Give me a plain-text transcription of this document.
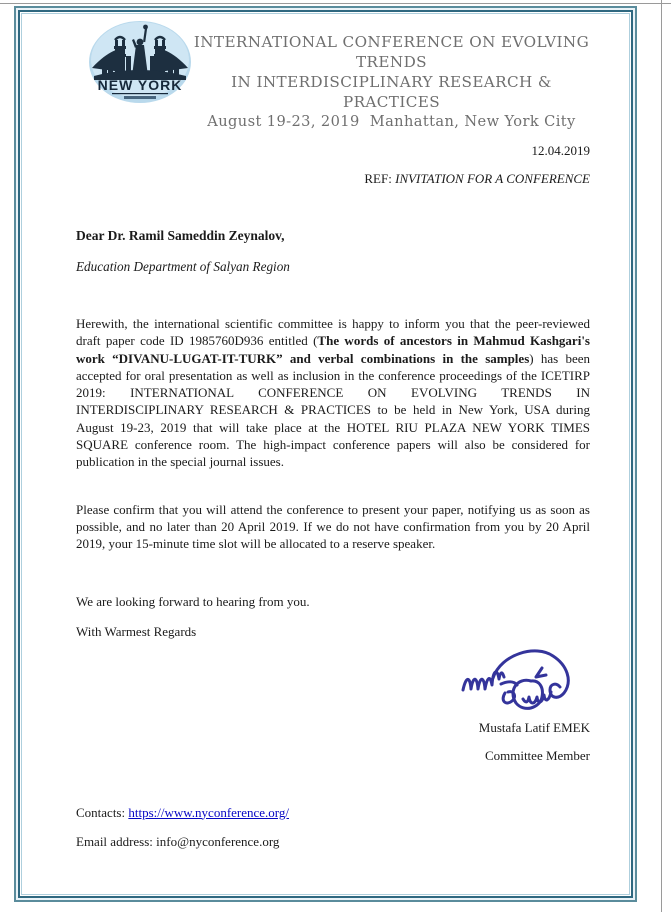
NEW YORK
INTERNATIONAL CONFERENCE ON EVOLVING TRENDS
IN INTERDISCIPLINARY RESEARCH & PRACTICES
August 19-23, 2019  Manhattan, New York City
12.04.2019
REF: INVITATION FOR A CONFERENCE
Dear Dr. Ramil Sameddin Zeynalov,
Education Department of Salyan Region
Herewith, the international scientific committee is happy to inform you that the peer-reviewed draft paper code ID 1985760D936 entitled (The words of ancestors in Mahmud Kashgari's work “DIVANU-LUGAT-IT-TURK” and verbal combinations in the samples) has been accepted for oral presentation as well as inclusion in the conference proceedings of the ICETIRP 2019: INTERNATIONAL CONFERENCE ON EVOLVING TRENDS IN INTERDISCIPLINARY RESEARCH & PRACTICES to be held in New York, USA during August 19-23, 2019 that will take place at the HOTEL RIU PLAZA NEW YORK TIMES SQUARE conference room. The high-impact conference papers will also be considered for publication in the special journal issues.
Please confirm that you will attend the conference to present your paper, notifying us as soon as possible, and no later than 20 April 2019. If we do not have confirmation from you by 20 April 2019, your 15-minute time slot will be allocated to a reserve speaker.
We are looking forward to hearing from you.
With Warmest Regards
Mustafa Latif EMEK
Committee Member
Contacts: https://www.nyconference.org/
Email address: info@nyconference.org
